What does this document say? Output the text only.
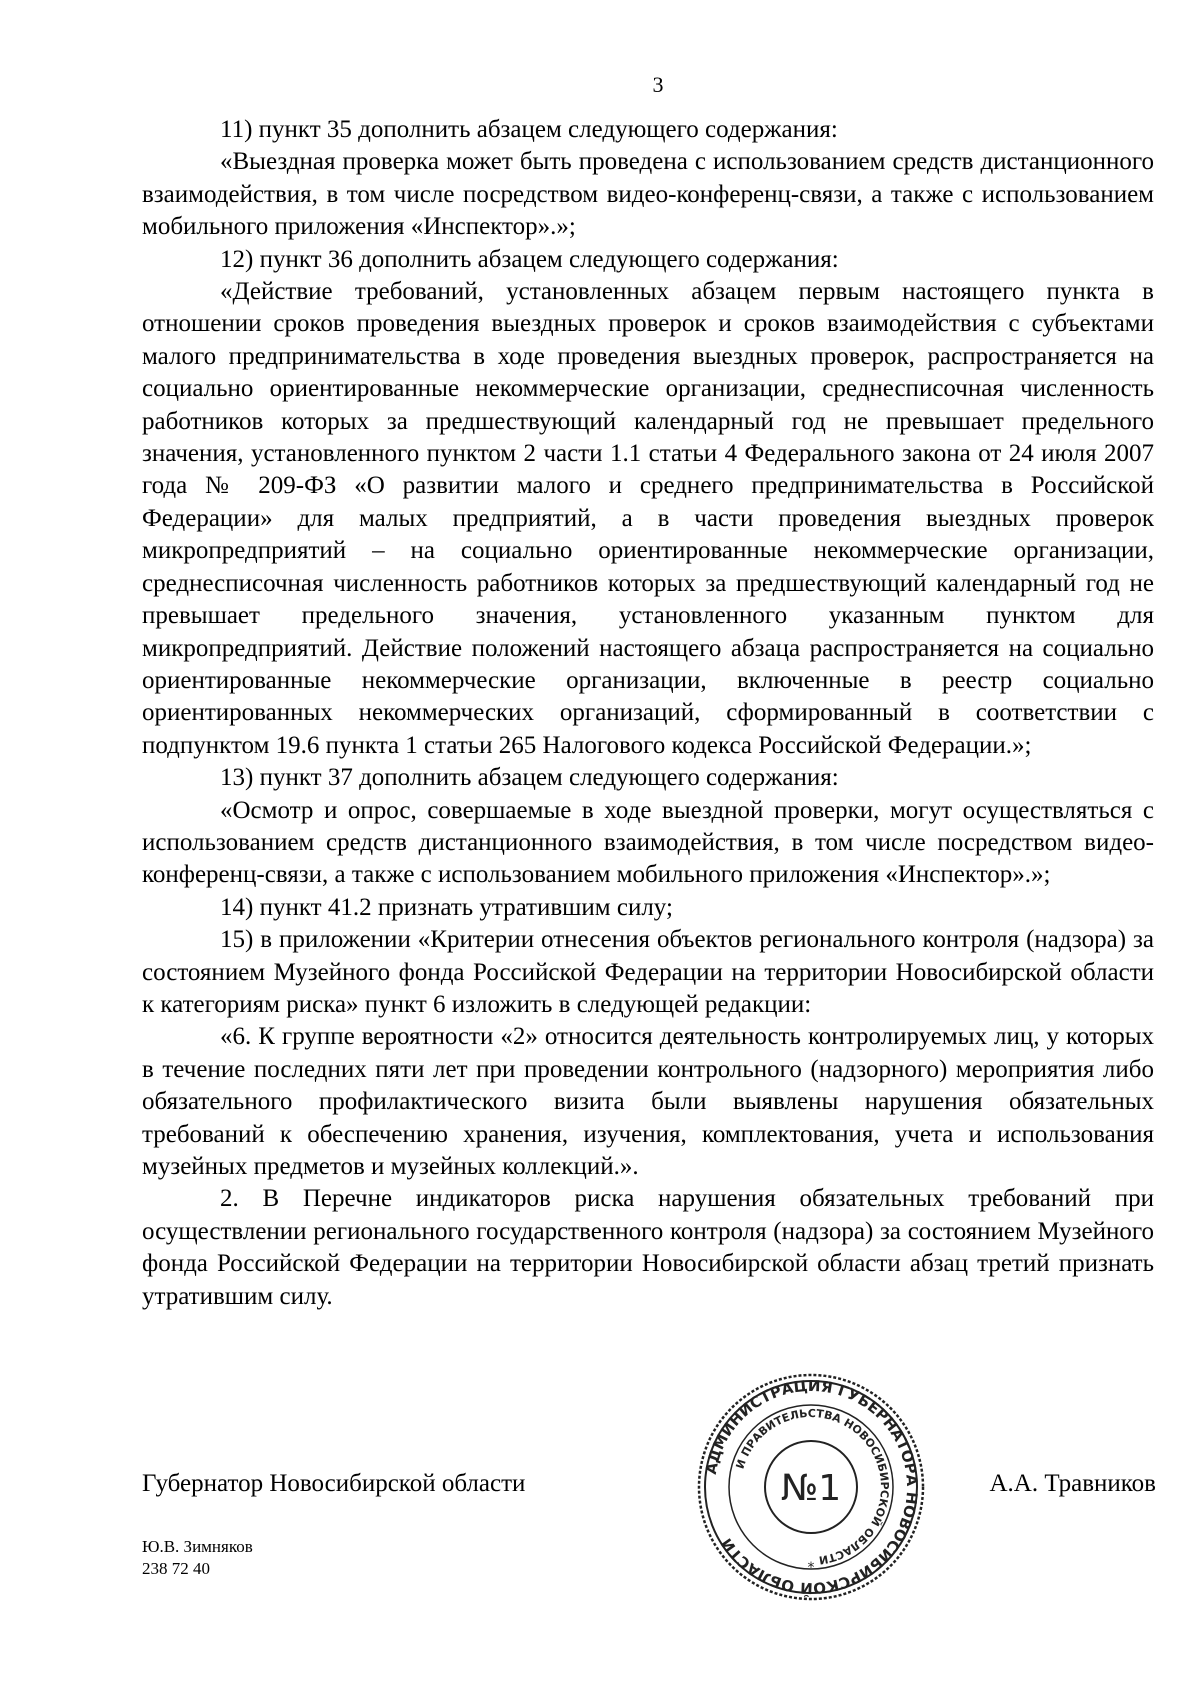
3

11) пункт 35 дополнить абзацем следующего содержания:

«Выездная проверка может быть проведена с использованием средств дистанционного взаимодействия, в том числе посредством видео-конференц-связи, а также с использованием мобильного приложения «Инспектор».»;

12) пункт 36 дополнить абзацем следующего содержания:

«Действие требований, установленных абзацем первым настоящего пункта в отношении сроков проведения выездных проверок и сроков взаимодействия с субъектами малого предпринимательства в ходе проведения выездных проверок, распространяется на социально ориентированные некоммерческие организации, среднесписочная численность работников которых за предшествующий календарный год не превышает предельного значения, установленного пунктом 2 части 1.1 статьи 4 Федерального закона от 24 июля 2007 года № 209-ФЗ «О развитии малого и среднего предпринимательства в Российской Федерации» для малых предприятий, а в части проведения выездных проверок микропредприятий – на социально ориентированные некоммерческие организации, среднесписочная численность работников которых за предшествующий календарный год не превышает предельного значения, установленного указанным пунктом для микропредприятий. Действие положений настоящего абзаца распространяется на социально ориентированные некоммерческие организации, включенные в реестр социально ориентированных некоммерческих организаций, сформированный в соответствии с подпунктом 19.6 пункта 1 статьи 265 Налогового кодекса Российской Федерации.»;

13) пункт 37 дополнить абзацем следующего содержания:

«Осмотр и опрос, совершаемые в ходе выездной проверки, могут осуществляться с использованием средств дистанционного взаимодействия, в том числе посредством видео-конференц-связи, а также с использованием мобильного приложения «Инспектор».»;

14) пункт 41.2 признать утратившим силу;

15) в приложении «Критерии отнесения объектов регионального контроля (надзора) за состоянием Музейного фонда Российской Федерации на территории Новосибирской области к категориям риска» пункт 6 изложить в следующей редакции:

«6. К группе вероятности «2» относится деятельность контролируемых лиц, у которых в течение последних пяти лет при проведении контрольного (надзорного) мероприятия либо обязательного профилактического визита были выявлены нарушения обязательных требований к обеспечению хранения, изучения, комплектования, учета и использования музейных предметов и музейных коллекций.».

2. В Перечне индикаторов риска нарушения обязательных требований при осуществлении регионального государственного контроля (надзора) за состоянием Музейного фонда Российской Федерации на территории Новосибирской области абзац третий признать утратившим силу.

Губернатор Новосибирской области
АДМИНИСТРАЦИЯ ГУБЕРНАТОРА НОВОСИБИРСКОЙ ОБЛАСТИ
И ПРАВИТЕЛЬСТВА НОВОСИБИРСКОЙ ОБЛАСТИ
№1
*
А.А. Травников
Ю.В. Зимняков
238 72 40
